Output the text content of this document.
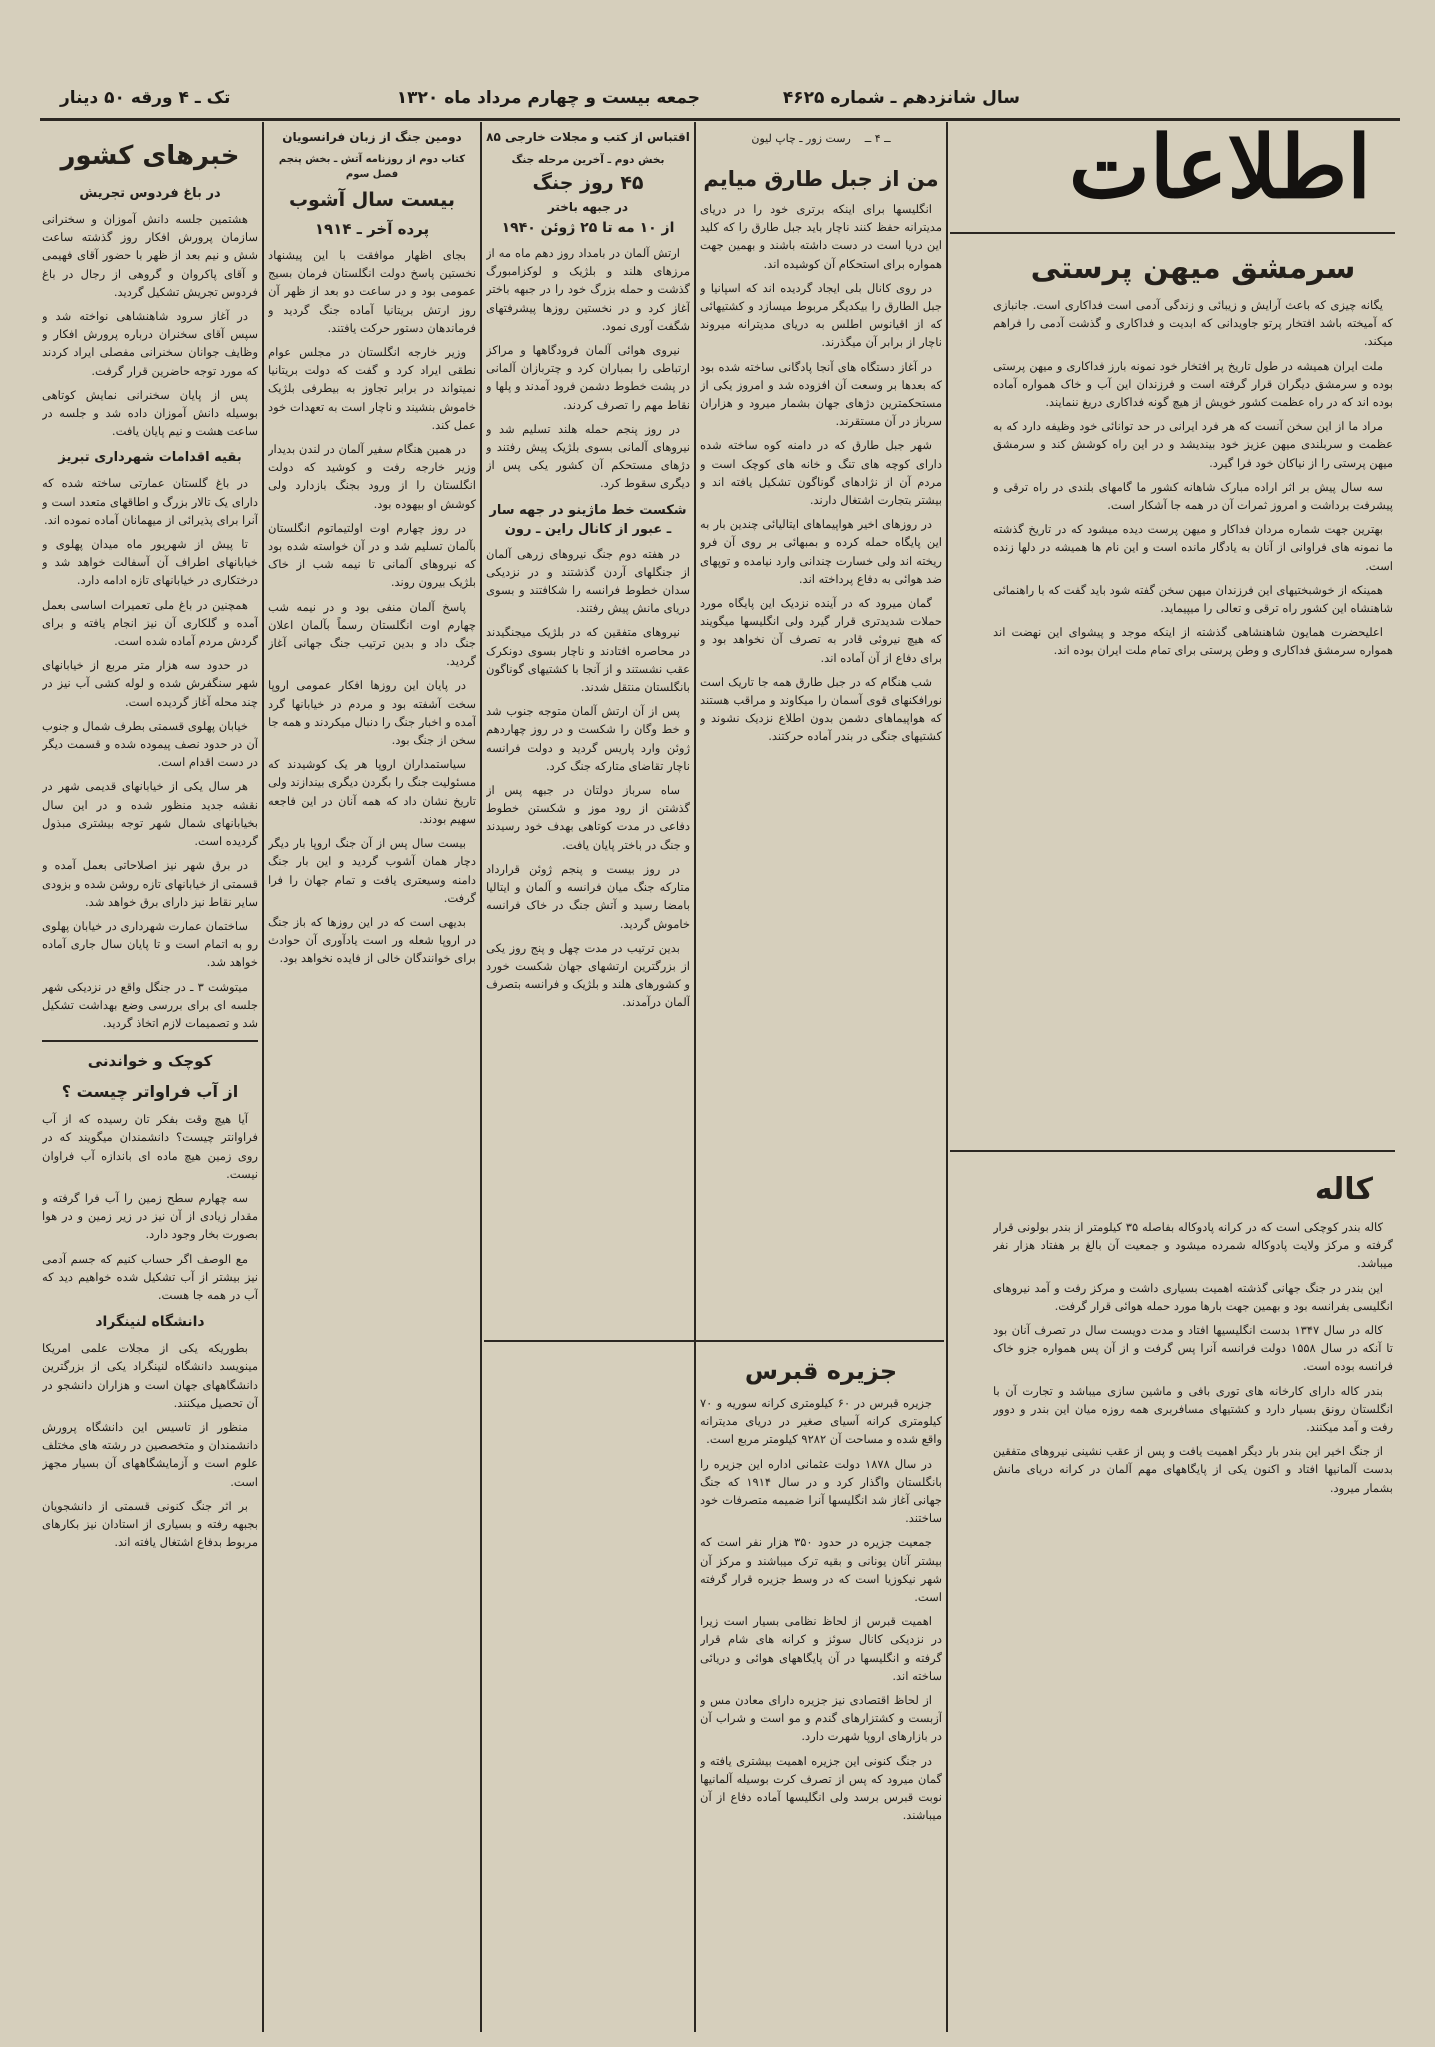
سال شانزدهم ـ شماره ۴۶۲۵
جمعه بیست و چهارم مرداد ماه ۱۳۲۰
تک ـ ۴ ورقه ۵۰ دینار
اطلاعات
سرمشق میهن پرستی

یگانه چیزی که باعث آرایش و زیبائی و زندگی آدمی است فداکاری است. جانبازی که آمیخته باشد افتخار پرتو جاویدانی که ابدیت و فداکاری و گذشت آدمی را فراهم میکند.

ملت ایران همیشه در طول تاریخ پر افتخار خود نمونه بارز فداکاری و میهن پرستی بوده و سرمشق دیگران قرار گرفته است و فرزندان این آب و خاک همواره آماده بوده اند که در راه عظمت کشور خویش از هیچ گونه فداکاری دریغ ننمایند.

مراد ما از این سخن آنست که هر فرد ایرانی در حد توانائی خود وظیفه دارد که به عظمت و سربلندی میهن عزیز خود بیندیشد و در این راه کوشش کند و سرمشق میهن پرستی را از نیاکان خود فرا گیرد.

سه سال پیش بر اثر اراده مبارک شاهانه کشور ما گامهای بلندی در راه ترقی و پیشرفت برداشت و امروز ثمرات آن در همه جا آشکار است.

بهترین جهت شماره مردان فداکار و میهن پرست دیده میشود که در تاریخ گذشته ما نمونه های فراوانی از آنان به یادگار مانده است و این نام ها همیشه در دلها زنده است.

همینکه از خوشبختیهای این فرزندان میهن سخن گفته شود باید گفت که با راهنمائی شاهنشاه این کشور راه ترقی و تعالی را میپیماید.

اعلیحضرت همایون شاهنشاهی گذشته از اینکه موجد و پیشوای این نهضت اند همواره سرمشق فداکاری و وطن پرستی برای تمام ملت ایران بوده اند.

کاله

کاله بندر کوچکی است که در کرانه پادوکاله بفاصله ۳۵ کیلومتر از بندر بولونی قرار گرفته و مرکز ولایت پادوکاله شمرده میشود و جمعیت آن بالغ بر هفتاد هزار نفر میباشد.

این بندر در جنگ جهانی گذشته اهمیت بسیاری داشت و مرکز رفت و آمد نیروهای انگلیسی بفرانسه بود و بهمین جهت بارها مورد حمله هوائی قرار گرفت.

کاله در سال ۱۳۴۷ بدست انگلیسیها افتاد و مدت دویست سال در تصرف آنان بود تا آنکه در سال ۱۵۵۸ دولت فرانسه آنرا پس گرفت و از آن پس همواره جزو خاک فرانسه بوده است.

بندر کاله دارای کارخانه های توری بافی و ماشین سازی میباشد و تجارت آن با انگلستان رونق بسیار دارد و کشتیهای مسافربری همه روزه میان این بندر و دوور رفت و آمد میکنند.

از جنگ اخیر این بندر بار دیگر اهمیت یافت و پس از عقب نشینی نیروهای متفقین بدست آلمانیها افتاد و اکنون یکی از پایگاههای مهم آلمان در کرانه دریای مانش بشمار میرود.

ــ ۴ ــ    رست زور ـ چاپ لیون
من از جبل طارق میایم

انگلیسها برای اینکه برتری خود را در دریای مدیترانه حفظ کنند ناچار باید جبل طارق را که کلید این دریا است در دست داشته باشند و بهمین جهت همواره برای استحکام آن کوشیده اند.

در روی کانال بلی ایجاد گردیده اند که اسپانیا و جبل الطارق را بیکدیگر مربوط میسازد و کشتیهائی که از اقیانوس اطلس به دریای مدیترانه میروند ناچار از برابر آن میگذرند.

در آغاز دستگاه های آنجا پادگانی ساخته شده بود که بعدها بر وسعت آن افزوده شد و امروز یکی از مستحکمترین دژهای جهان بشمار میرود و هزاران سرباز در آن مستقرند.

شهر جبل طارق که در دامنه کوه ساخته شده دارای کوچه های تنگ و خانه های کوچک است و مردم آن از نژادهای گوناگون تشکیل یافته اند و بیشتر بتجارت اشتغال دارند.

در روزهای اخیر هواپیماهای ایتالیائی چندین بار به این پایگاه حمله کرده و بمبهائی بر روی آن فرو ریخته اند ولی خسارت چندانی وارد نیامده و توپهای ضد هوائی به دفاع پرداخته اند.

گمان میرود که در آینده نزدیک این پایگاه مورد حملات شدیدتری قرار گیرد ولی انگلیسها میگویند که هیچ نیروئی قادر به تصرف آن نخواهد بود و برای دفاع از آن آماده اند.

شب هنگام که در جبل طارق همه جا تاریک است نورافکنهای قوی آسمان را میکاوند و مراقب هستند که هواپیماهای دشمن بدون اطلاع نزدیک نشوند و کشتیهای جنگی در بندر آماده حرکتند.

جزیره قبرس

جزیره قبرس در ۶۰ کیلومتری کرانه سوریه و ۷۰ کیلومتری کرانه آسیای صغیر در دریای مدیترانه واقع شده و مساحت آن ۹۲۸۲ کیلومتر مربع است.

در سال ۱۸۷۸ دولت عثمانی اداره این جزیره را بانگلستان واگذار کرد و در سال ۱۹۱۴ که جنگ جهانی آغاز شد انگلیسها آنرا ضمیمه متصرفات خود ساختند.

جمعیت جزیره در حدود ۳۵۰ هزار نفر است که بیشتر آنان یونانی و بقیه ترک میباشند و مرکز آن شهر نیکوزیا است که در وسط جزیره قرار گرفته است.

اهمیت قبرس از لحاظ نظامی بسیار است زیرا در نزدیکی کانال سوئز و کرانه های شام قرار گرفته و انگلیسها در آن پایگاههای هوائی و دریائی ساخته اند.

از لحاظ اقتصادی نیز جزیره دارای معادن مس و آزبست و کشتزارهای گندم و مو است و شراب آن در بازارهای اروپا شهرت دارد.

در جنگ کنونی این جزیره اهمیت بیشتری یافته و گمان میرود که پس از تصرف کرت بوسیله آلمانیها نوبت قبرس برسد ولی انگلیسها آماده دفاع از آن میباشند.

اقتباس از کتب و مجلات خارجی ۸۵
بخش دوم ـ آخرین مرحله جنگ
۴۵ روز جنگ
در جبهه باختر
از ۱۰ مه تا ۲۵ ژوئن ۱۹۴۰

ارتش آلمان در بامداد روز دهم ماه مه از مرزهای هلند و بلژیک و لوکزامبورگ گذشت و حمله بزرگ خود را در جبهه باختر آغاز کرد و در نخستین روزها پیشرفتهای شگفت آوری نمود.

نیروی هوائی آلمان فرودگاهها و مراکز ارتباطی را بمباران کرد و چتربازان آلمانی در پشت خطوط دشمن فرود آمدند و پلها و نقاط مهم را تصرف کردند.

در روز پنجم حمله هلند تسلیم شد و نیروهای آلمانی بسوی بلژیک پیش رفتند و دژهای مستحکم آن کشور یکی پس از دیگری سقوط کرد.

شکست خط ماژینو در جهه سار ـ عبور از کانال راین ـ رون

در هفته دوم جنگ نیروهای زرهی آلمان از جنگلهای آردن گذشتند و در نزدیکی سدان خطوط فرانسه را شکافتند و بسوی دریای مانش پیش رفتند.

نیروهای متفقین که در بلژیک میجنگیدند در محاصره افتادند و ناچار بسوی دونکرک عقب نشستند و از آنجا با کشتیهای گوناگون بانگلستان منتقل شدند.

پس از آن ارتش آلمان متوجه جنوب شد و خط وگان را شکست و در روز چهاردهم ژوئن وارد پاریس گردید و دولت فرانسه ناچار تقاضای متارکه جنگ کرد.

ساه سرباز دولتان در جبهه پس از گذشتن از رود موز و شکستن خطوط دفاعی در مدت کوتاهی بهدف خود رسیدند و جنگ در باختر پایان یافت.

در روز بیست و پنجم ژوئن قرارداد متارکه جنگ میان فرانسه و آلمان و ایتالیا بامضا رسید و آتش جنگ در خاک فرانسه خاموش گردید.

بدین ترتیب در مدت چهل و پنج روز یکی از بزرگترین ارتشهای جهان شکست خورد و کشورهای هلند و بلژیک و فرانسه بتصرف آلمان درآمدند.

دومین جنگ از زبان فرانسویان
کتاب دوم از روزنامه آتش ـ بخش پنجم فصل سوم
بیست سال آشوب
پرده آخر ـ ۱۹۱۴

بجای اظهار موافقت با این پیشنهاد نخستین پاسخ دولت انگلستان فرمان بسیج عمومی بود و در ساعت دو بعد از ظهر آن روز ارتش بریتانیا آماده جنگ گردید و فرماندهان دستور حرکت یافتند.

وزیر خارجه انگلستان در مجلس عوام نطقی ایراد کرد و گفت که دولت بریتانیا نمیتواند در برابر تجاوز به بیطرفی بلژیک خاموش بنشیند و ناچار است به تعهدات خود عمل کند.

در همین هنگام سفیر آلمان در لندن بدیدار وزیر خارجه رفت و کوشید که دولت انگلستان را از ورود بجنگ بازدارد ولی کوشش او بیهوده بود.

در روز چهارم اوت اولتیماتوم انگلستان بآلمان تسلیم شد و در آن خواسته شده بود که نیروهای آلمانی تا نیمه شب از خاک بلژیک بیرون روند.

پاسخ آلمان منفی بود و در نیمه شب چهارم اوت انگلستان رسماً بآلمان اعلان جنگ داد و بدین ترتیب جنگ جهانی آغاز گردید.

در پایان این روزها افکار عمومی اروپا سخت آشفته بود و مردم در خیابانها گرد آمده و اخبار جنگ را دنبال میکردند و همه جا سخن از جنگ بود.

سیاستمداران اروپا هر یک کوشیدند که مسئولیت جنگ را بگردن دیگری بیندازند ولی تاریخ نشان داد که همه آنان در این فاجعه سهیم بودند.

بیست سال پس از آن جنگ اروپا بار دیگر دچار همان آشوب گردید و این بار جنگ دامنه وسیعتری یافت و تمام جهان را فرا گرفت.

بدیهی است که در این روزها که باز جنگ در اروپا شعله ور است یادآوری آن حوادث برای خوانندگان خالی از فایده نخواهد بود.

خبرهای کشور
در باغ فردوس تجریش

هشتمین جلسه دانش آموزان و سخنرانی سازمان پرورش افکار روز گذشته ساعت شش و نیم بعد از ظهر با حضور آقای فهیمی و آقای پاکروان و گروهی از رجال در باغ فردوس تجریش تشکیل گردید.

در آغاز سرود شاهنشاهی نواخته شد و سپس آقای سخنران درباره پرورش افکار و وظایف جوانان سخنرانی مفصلی ایراد کردند که مورد توجه حاضرین قرار گرفت.

پس از پایان سخنرانی نمایش کوتاهی بوسیله دانش آموزان داده شد و جلسه در ساعت هشت و نیم پایان یافت.

بقیه اقدامات شهرداری تبریز

در باغ گلستان عمارتی ساخته شده که دارای یک تالار بزرگ و اطاقهای متعدد است و آنرا برای پذیرائی از میهمانان آماده نموده اند.

تا پیش از شهریور ماه میدان پهلوی و خیابانهای اطراف آن آسفالت خواهد شد و درختکاری در خیابانهای تازه ادامه دارد.

همچنین در باغ ملی تعمیرات اساسی بعمل آمده و گلکاری آن نیز انجام یافته و برای گردش مردم آماده شده است.

در حدود سه هزار متر مربع از خیابانهای شهر سنگفرش شده و لوله کشی آب نیز در چند محله آغاز گردیده است.

خیابان پهلوی قسمتی بطرف شمال و جنوب آن در حدود نصف پیموده شده و قسمت دیگر در دست اقدام است.

هر سال یکی از خیابانهای قدیمی شهر در نقشه جدید منظور شده و در این سال بخیابانهای شمال شهر توجه بیشتری مبذول گردیده است.

در برق شهر نیز اصلاحاتی بعمل آمده و قسمتی از خیابانهای تازه روشن شده و بزودی سایر نقاط نیز دارای برق خواهد شد.

ساختمان عمارت شهرداری در خیابان پهلوی رو به اتمام است و تا پایان سال جاری آماده خواهد شد.

میتوشت ۳ ـ در جنگل واقع در نزدیکی شهر جلسه ای برای بررسی وضع بهداشت تشکیل شد و تصمیمات لازم اتخاذ گردید.

کوچک و خواندنی
از آب فراواتر چیست ؟

آیا هیچ وقت بفکر تان رسیده که از آب فراوانتر چیست؟ دانشمندان میگویند که در روی زمین هیچ ماده ای باندازه آب فراوان نیست.

سه چهارم سطح زمین را آب فرا گرفته و مقدار زیادی از آن نیز در زیر زمین و در هوا بصورت بخار وجود دارد.

مع الوصف اگر حساب کنیم که جسم آدمی نیز بیشتر از آب تشکیل شده خواهیم دید که آب در همه جا هست.

دانشگاه لنینگراد

بطوریکه یکی از مجلات علمی امریکا مینویسد دانشگاه لنینگراد یکی از بزرگترین دانشگاههای جهان است و هزاران دانشجو در آن تحصیل میکنند.

منظور از تاسیس این دانشگاه پرورش دانشمندان و متخصصین در رشته های مختلف علوم است و آزمایشگاههای آن بسیار مجهز است.

بر اثر جنگ کنونی قسمتی از دانشجویان بجبهه رفته و بسیاری از استادان نیز بکارهای مربوط بدفاع اشتغال یافته اند.
